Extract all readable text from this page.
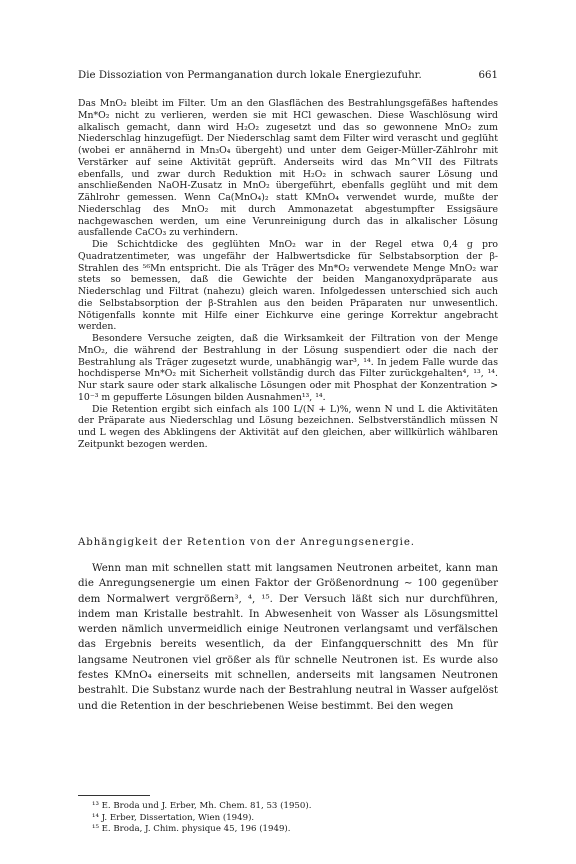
Die Dissoziation von Permanganation durch lokale Energiezufuhr.	661

Das MnO₂ bleibt im Filter. Um an den Glasflächen des Bestrahlungsgefäßes haftendes Mn*O₂ nicht zu verlieren, werden sie mit HCl gewaschen. Diese Waschlösung wird alkalisch gemacht, dann wird H₂O₂ zugesetzt und das so gewonnene MnO₂ zum Niederschlag hinzugefügt. Der Niederschlag samt dem Filter wird verascht und geglüht (wobei er annähernd in Mn₃O₄ übergeht) und unter dem Geiger-Müller-Zählrohr mit Verstärker auf seine Aktivität geprüft. Anderseits wird das Mn^VII des Filtrats ebenfalls, und zwar durch Reduktion mit H₂O₂ in schwach saurer Lösung und anschließenden NaOH-Zusatz in MnO₂ übergeführt, ebenfalls geglüht und mit dem Zählrohr gemessen. Wenn Ca(MnO₄)₂ statt KMnO₄ verwendet wurde, mußte der Niederschlag des MnO₂ mit durch Ammonazetat abgestumpfter Essigsäure nachgewaschen werden, um eine Verunreinigung durch das in alkalischer Lösung ausfallende CaCO₃ zu verhindern.

Die Schichtdicke des geglühten MnO₂ war in der Regel etwa 0,4 g pro Quadratzentimeter, was ungefähr der Halbwertsdicke für Selbstabsorption der β-Strahlen des ⁵⁶Mn entspricht. Die als Träger des Mn*O₂ verwendete Menge MnO₂ war stets so bemessen, daß die Gewichte der beiden Manganoxydpräparate aus Niederschlag und Filtrat (nahezu) gleich waren. Infolgedessen unterschied sich auch die Selbstabsorption der β-Strahlen aus den beiden Präparaten nur unwesentlich. Nötigenfalls konnte mit Hilfe einer Eichkurve eine geringe Korrektur angebracht werden.

Besondere Versuche zeigten, daß die Wirksamkeit der Filtration von der Menge MnO₂, die während der Bestrahlung in der Lösung suspendiert oder die nach der Bestrahlung als Träger zugesetzt wurde, unabhängig war³, ¹⁴. In jedem Falle wurde das hochdisperse Mn*O₂ mit Sicherheit vollständig durch das Filter zurückgehalten⁴, ¹³, ¹⁴. Nur stark saure oder stark alkalische Lösungen oder mit Phosphat der Konzentration > 10⁻³ m gepufferte Lösungen bilden Ausnahmen¹³, ¹⁴.

Die Retention ergibt sich einfach als 100 L/(N + L)%, wenn N und L die Aktivitäten der Präparate aus Niederschlag und Lösung bezeichnen. Selbstverständlich müssen N und L wegen des Abklingens der Aktivität auf den gleichen, aber willkürlich wählbaren Zeitpunkt bezogen werden.

Abhängigkeit der Retention von der Anregungsenergie.

Wenn man mit schnellen statt mit langsamen Neutronen arbeitet, kann man die Anregungsenergie um einen Faktor der Größenordnung ∼ 100 gegenüber dem Normalwert vergrößern³, ⁴, ¹⁵. Der Versuch läßt sich nur durchführen, indem man Kristalle bestrahlt. In Abwesenheit von Wasser als Lösungsmittel werden nämlich unvermeidlich einige Neutronen verlangsamt und verfälschen das Ergebnis bereits wesentlich, da der Einfangquerschnitt des Mn für langsame Neutronen viel größer als für schnelle Neutronen ist. Es wurde also festes KMnO₄ einerseits mit schnellen, anderseits mit langsamen Neutronen bestrahlt. Die Substanz wurde nach der Bestrahlung neutral in Wasser aufgelöst und die Retention in der beschriebenen Weise bestimmt. Bei den wegen

¹³ E. Broda und J. Erber, Mh. Chem. 81, 53 (1950).
¹⁴ J. Erber, Dissertation, Wien (1949).
¹⁵ E. Broda, J. Chim. physique 45, 196 (1949).
